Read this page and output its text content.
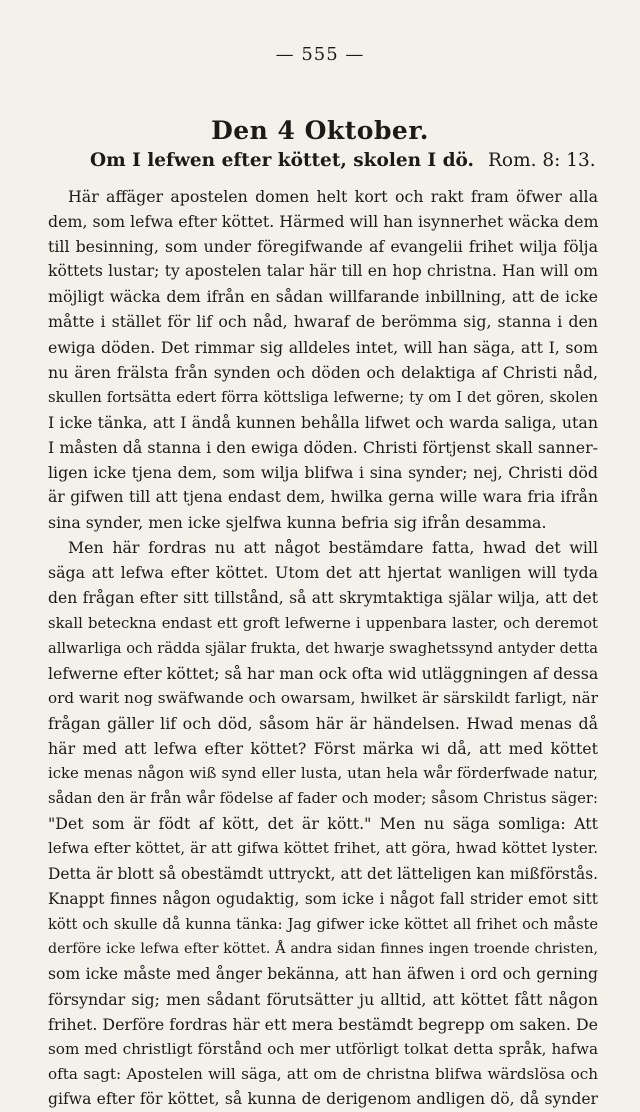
— 555 —
Den 4 Oktober.
Om I lefwen efter köttet, skolen I dö. Rom. 8: 13.
Här affäger apostelen domen helt kort och rakt fram öfwer alla
dem, som lefwa efter köttet. Härmed will han isynnerhet wäcka dem
till besinning, som under föregifwande af evangelii frihet wilja följa
köttets lustar; ty apostelen talar här till en hop christna. Han will om
möjligt wäcka dem ifrån en sådan willfarande inbillning, att de icke
måtte i stället för lif och nåd, hwaraf de berömma sig, stanna i den
ewiga döden. Det rimmar sig alldeles intet, will han säga, att I, som
nu ären frälsta från synden och döden och delaktiga af Christi nåd,
skullen fortsätta edert förra köttsliga lefwerne; ty om I det gören, skolen
I icke tänka, att I ändå kunnen behålla lifwet och warda saliga, utan
I måsten då stanna i den ewiga döden. Christi förtjenst skall sanner-
ligen icke tjena dem, som wilja blifwa i sina synder; nej, Christi död
är gifwen till att tjena endast dem, hwilka gerna wille wara fria ifrån
sina synder, men icke sjelfwa kunna befria sig ifrån desamma.
Men här fordras nu att något bestämdare fatta, hwad det will
säga att lefwa efter köttet. Utom det att hjertat wanligen will tyda
den frågan efter sitt tillstånd, så att skrymtaktiga själar wilja, att det
skall beteckna endast ett groft lefwerne i uppenbara laster, och deremot
allwarliga och rädda själar frukta, det hwarje swaghetssynd antyder detta
lefwerne efter köttet; så har man ock ofta wid utläggningen af dessa
ord warit nog swäfwande och owarsam, hwilket är särskildt farligt, när
frågan gäller lif och död, såsom här är händelsen. Hwad menas då
här med att lefwa efter köttet? Först märka wi då, att med köttet
icke menas någon wiß synd eller lusta, utan hela wår förderfwade natur,
sådan den är från wår födelse af fader och moder; såsom Christus säger:
"Det som är födt af kött, det är kött." Men nu säga somliga: Att
lefwa efter köttet, är att gifwa köttet frihet, att göra, hwad köttet lyster.
Detta är blott så obestämdt uttryckt, att det lätteligen kan mißförstås.
Knappt finnes någon ogudaktig, som icke i något fall strider emot sitt
kött och skulle då kunna tänka: Jag gifwer icke köttet all frihet och måste
derföre icke lefwa efter köttet. Å andra sidan finnes ingen troende christen,
som icke måste med ånger bekänna, att han äfwen i ord och gerning
försyndar sig; men sådant förutsätter ju alltid, att köttet fått någon
frihet. Derföre fordras här ett mera bestämdt begrepp om saken. De
som med christligt förstånd och mer utförligt tolkat detta språk, hafwa
ofta sagt: Apostelen will säga, att om de christna blifwa wärdslösa och
gifwa efter för köttet, så kunna de derigenom andligen dö, då synder
